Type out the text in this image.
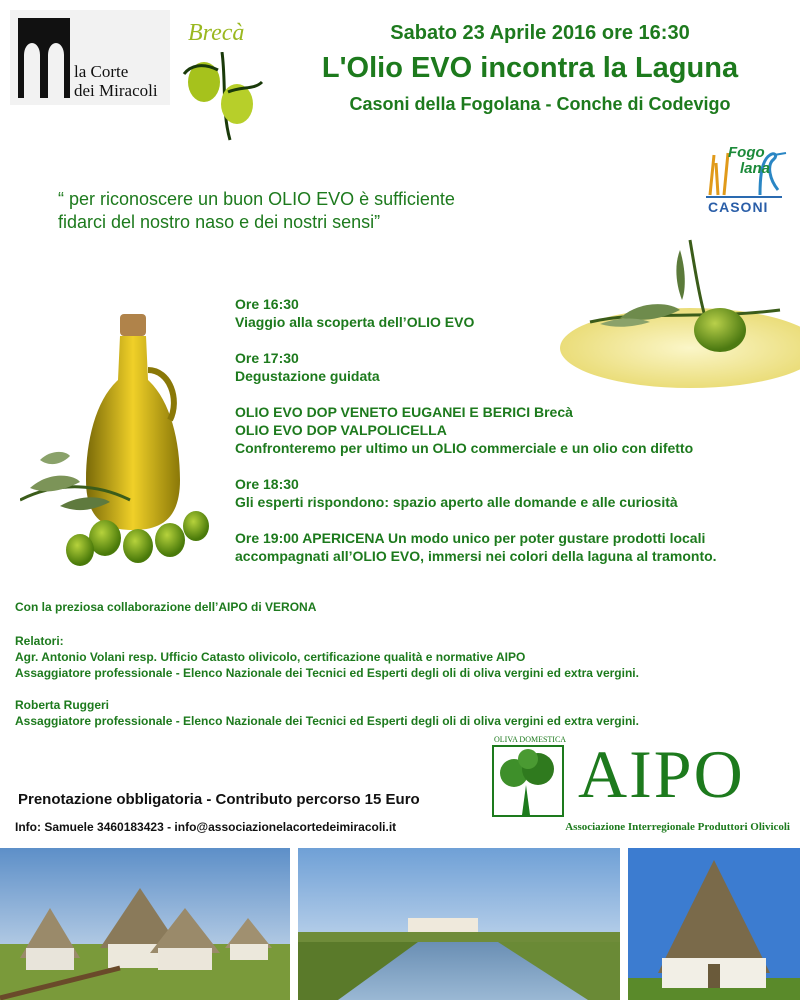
la Corte
dei Miracoli
Brecà	Sabato 23 Aprile 2016 ore 16:30
L'Olio EVO incontra la Laguna
Casoni della Fogolana - Conche di Codevigo
Fogo
lana
CASONI
“ per riconoscere un buon OLIO EVO è sufficiente
fidarci del nostro naso e dei nostri sensi”
Ore 16:30
Viaggio alla scoperta dell’OLIO EVO
Ore 17:30
Degustazione guidata
OLIO EVO DOP VENETO EUGANEI E BERICI Brecà
OLIO EVO DOP VALPOLICELLA
Confronteremo per ultimo un OLIO commerciale e un olio con difetto
Ore 18:30
Gli esperti rispondono: spazio aperto alle domande e alle curiosità
Ore 19:00 APERICENA Un modo unico per poter gustare prodotti locali
accompagnati all’OLIO EVO, immersi nei colori della laguna al tramonto.
Con la preziosa collaborazione dell’AIPO di VERONA
Relatori:
Agr. Antonio Volani resp. Ufficio Catasto olivicolo, certificazione qualità e normative AIPO
Assaggiatore professionale - Elenco Nazionale dei Tecnici ed Esperti degli oli di oliva vergini ed extra vergini.
Roberta Ruggeri
Assaggiatore professionale - Elenco Nazionale dei Tecnici ed Esperti degli oli di oliva vergini ed extra vergini.
OLIVA DOMESTICA AIPO
Associazione Interregionale Produttori Olivicoli
Prenotazione obbligatoria - Contributo percorso 15 Euro
Info: Samuele 3460183423 - info@associazionelacortedeimiracoli.it
